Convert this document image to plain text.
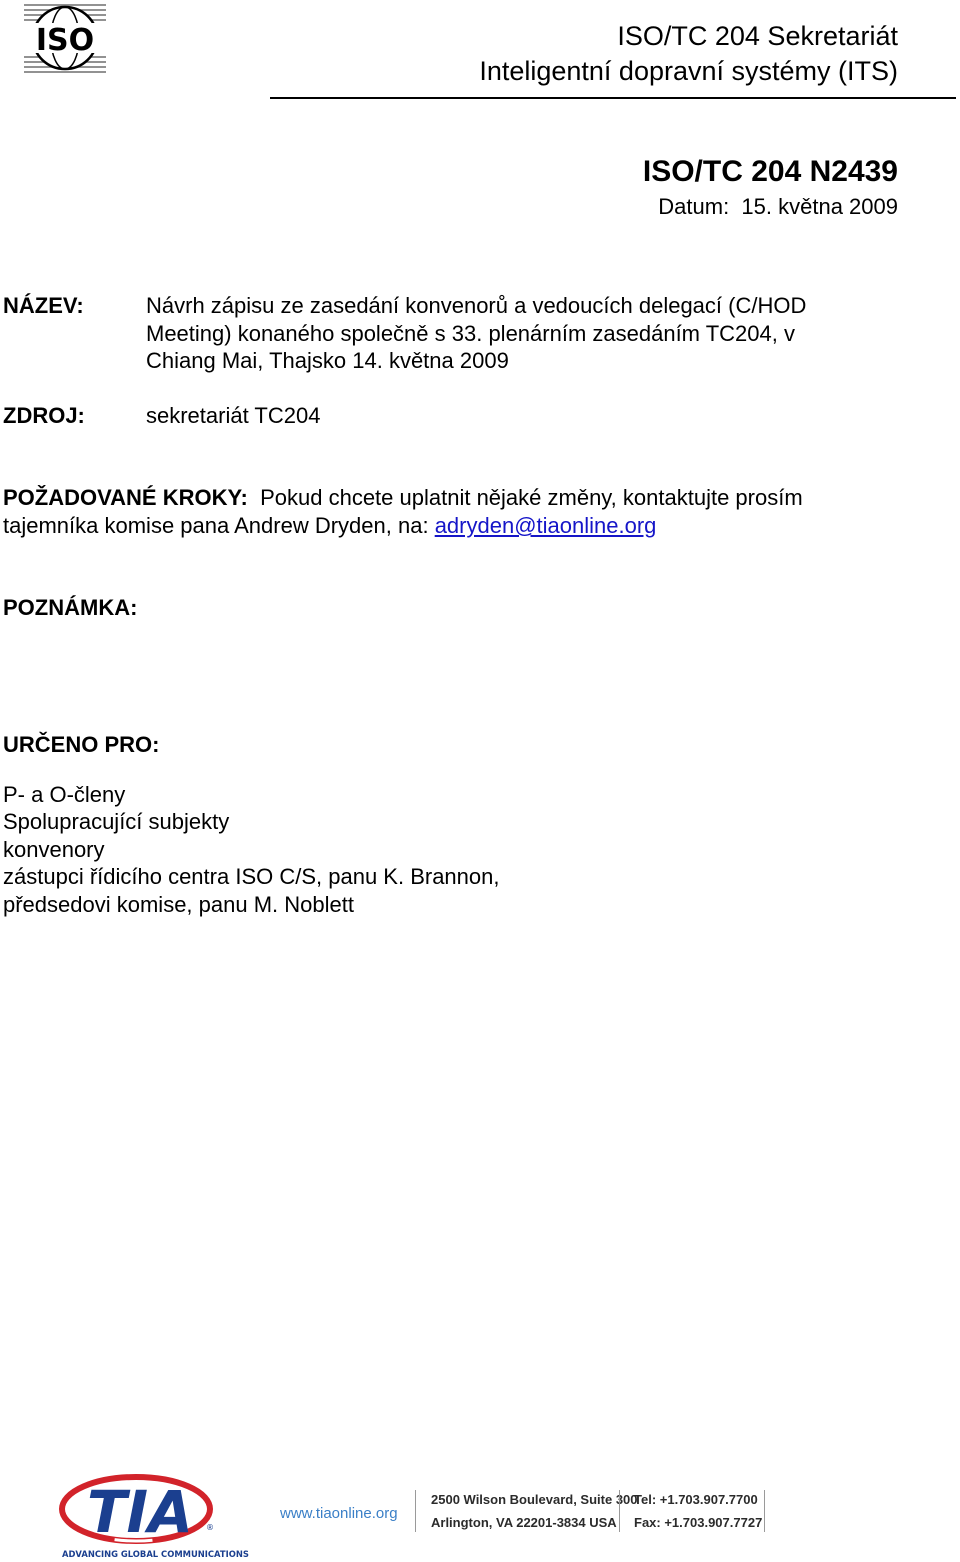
ISO	ISO/TC 204 Sekretariát
Inteligentní dopravní systémy (ITS)
ISO/TC 204 N2439
Datum: 15. května 2009
NÁZEV:	Návrh zápisu ze zasedání konvenorů a vedoucích delegací (C/HOD
Meeting) konaného společně s 33. plenárním zasedáním TC204, v
Chiang Mai, Thajsko 14. května 2009
ZDROJ:	sekretariát TC204
POŽADOVANÉ KROKY: Pokud chcete uplatnit nějaké změny, kontaktujte prosím
tajemníka komise pana Andrew Dryden, na: adryden@tiaonline.org
POZNÁMKA:
URČENO PRO:
P- a O-členy
Spolupracující subjekty
konvenory
zástupci řídicího centra ISO C/S, panu K. Brannon,
předsedovi komise, panu M. Noblett
TIA ®
ADVANCING GLOBAL COMMUNICATIONS
www.tiaonline.org
2500 Wilson Boulevard, Suite 300
Arlington, VA 22201-3834 USA
Tel: +1.703.907.7700
Fax: +1.703.907.7727
